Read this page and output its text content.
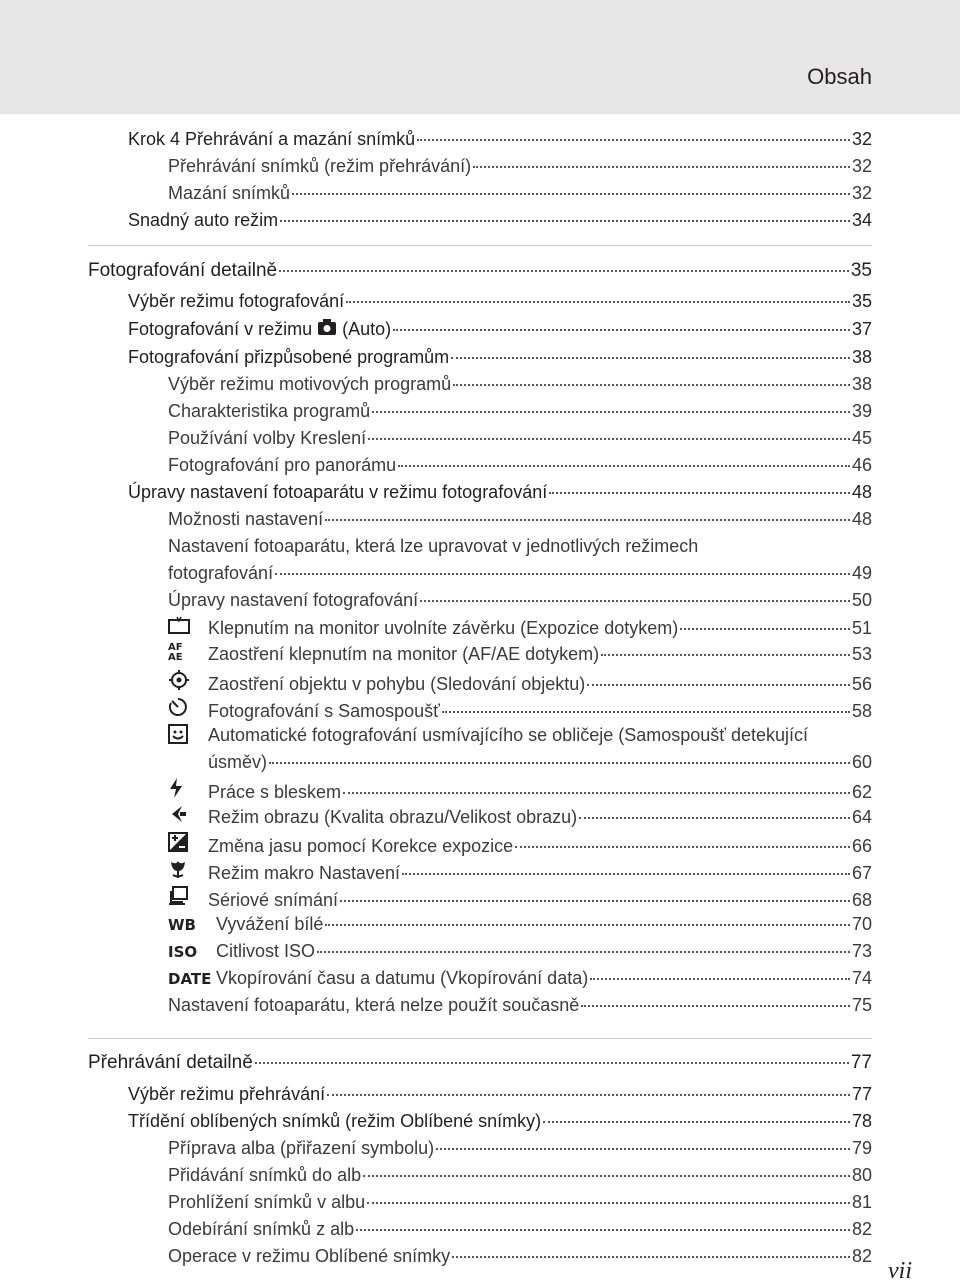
Obsah
Krok 4 Přehrávání a mazání snímků	32
Přehrávání snímků (režim přehrávání)	32
Mazání snímků	32
Snadný auto režim	34
Fotografování detailně	35
Výběr režimu fotografování	35
Fotografování v režimu (Auto)	37
Fotografování přizpůsobené programům	38
Výběr režimu motivových programů	38
Charakteristika programů	39
Používání volby Kreslení	45
Fotografování pro panorámu	46
Úpravy nastavení fotoaparátu v režimu fotografování	48
Možnosti nastavení	48
Nastavení fotoaparátu, která lze upravovat v jednotlivých režimech
fotografování	49
Úpravy nastavení fotografování	50
Klepnutím na monitor uvolníte závěrku (Expozice dotykem)	51
AF AE	Zaostření klepnutím na monitor (AF/AE dotykem)	53
Zaostření objektu v pohybu (Sledování objektu)	56
Fotografování s Samospoušť	58
Automatické fotografování usmívajícího se obličeje (Samospoušť detekující
úsměv)	60
Práce s bleskem	62
Režim obrazu (Kvalita obrazu/Velikost obrazu)	64
Změna jasu pomocí Korekce expozice	66
Režim makro Nastavení	67
Sériové snímání	68
WB	Vyvážení bílé	70
ISO	Citlivost ISO	73
DATE Vkopírování času a datumu (Vkopírování data)	74
Nastavení fotoaparátu, která nelze použít současně	75
Přehrávání detailně	77
Výběr režimu přehrávání	77
Třídění oblíbených snímků (režim Oblíbené snímky)	78
Příprava alba (přiřazení symbolu)	79
Přidávání snímků do alb	80
Prohlížení snímků v albu	81
Odebírání snímků z alb	82
Operace v režimu Oblíbené snímky	82
vii
